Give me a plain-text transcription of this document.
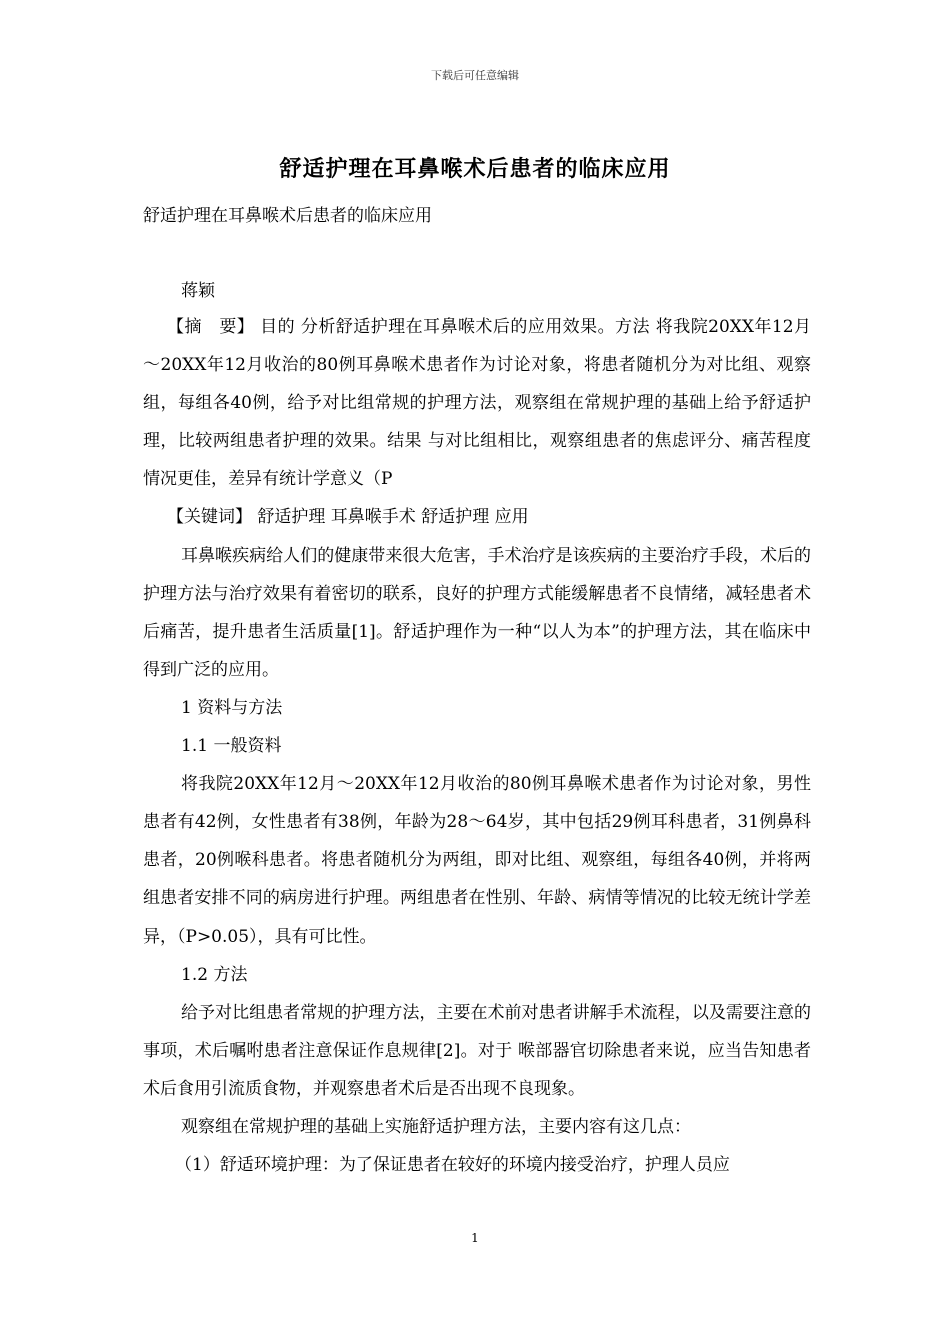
下载后可任意编辑
舒适护理在耳鼻喉术后患者的临床应用
舒适护理在耳鼻喉术后患者的临床应用
蒋颖

【摘　要】 目的 分析舒适护理在耳鼻喉术后的应用效果。方法 将我院20XX年12月～20XX年12月收治的80例耳鼻喉术患者作为讨论对象，将患者随机分为对比组、观察组，每组各40例，给予对比组常规的护理方法，观察组在常规护理的基础上给予舒适护理，比较两组患者护理的效果。结果 与对比组相比，观察组患者的焦虑评分、痛苦程度情况更佳，差异有统计学意义（P

【关键词】 舒适护理 耳鼻喉手术 舒适护理 应用

耳鼻喉疾病给人们的健康带来很大危害，手术治疗是该疾病的主要治疗手段，术后的护理方法与治疗效果有着密切的联系，良好的护理方式能缓解患者不良情绪，减轻患者术后痛苦，提升患者生活质量[1]。舒适护理作为一种“以人为本”的护理方法，其在临床中得到广泛的应用。

1 资料与方法

1.1 一般资料

将我院20XX年12月～20XX年12月收治的80例耳鼻喉术患者作为讨论对象，男性患者有42例，女性患者有38例，年龄为28～64岁，其中包括29例耳科患者，31例鼻科患者，20例喉科患者。将患者随机分为两组，即对比组、观察组，每组各40例，并将两组患者安排不同的病房进行护理。两组患者在性别、年龄、病情等情况的比较无统计学差异，（P>0.05），具有可比性。

1.2 方法

给予对比组患者常规的护理方法，主要在术前对患者讲解手术流程，以及需要注意的事项，术后嘱咐患者注意保证作息规律[2]。对于 喉部器官切除患者来说，应当告知患者术后食用引流质食物，并观察患者术后是否出现不良现象。

观察组在常规护理的基础上实施舒适护理方法，主要内容有这几点：

（1）舒适环境护理：为了保证患者在较好的环境内接受治疗，护理人员应

1
